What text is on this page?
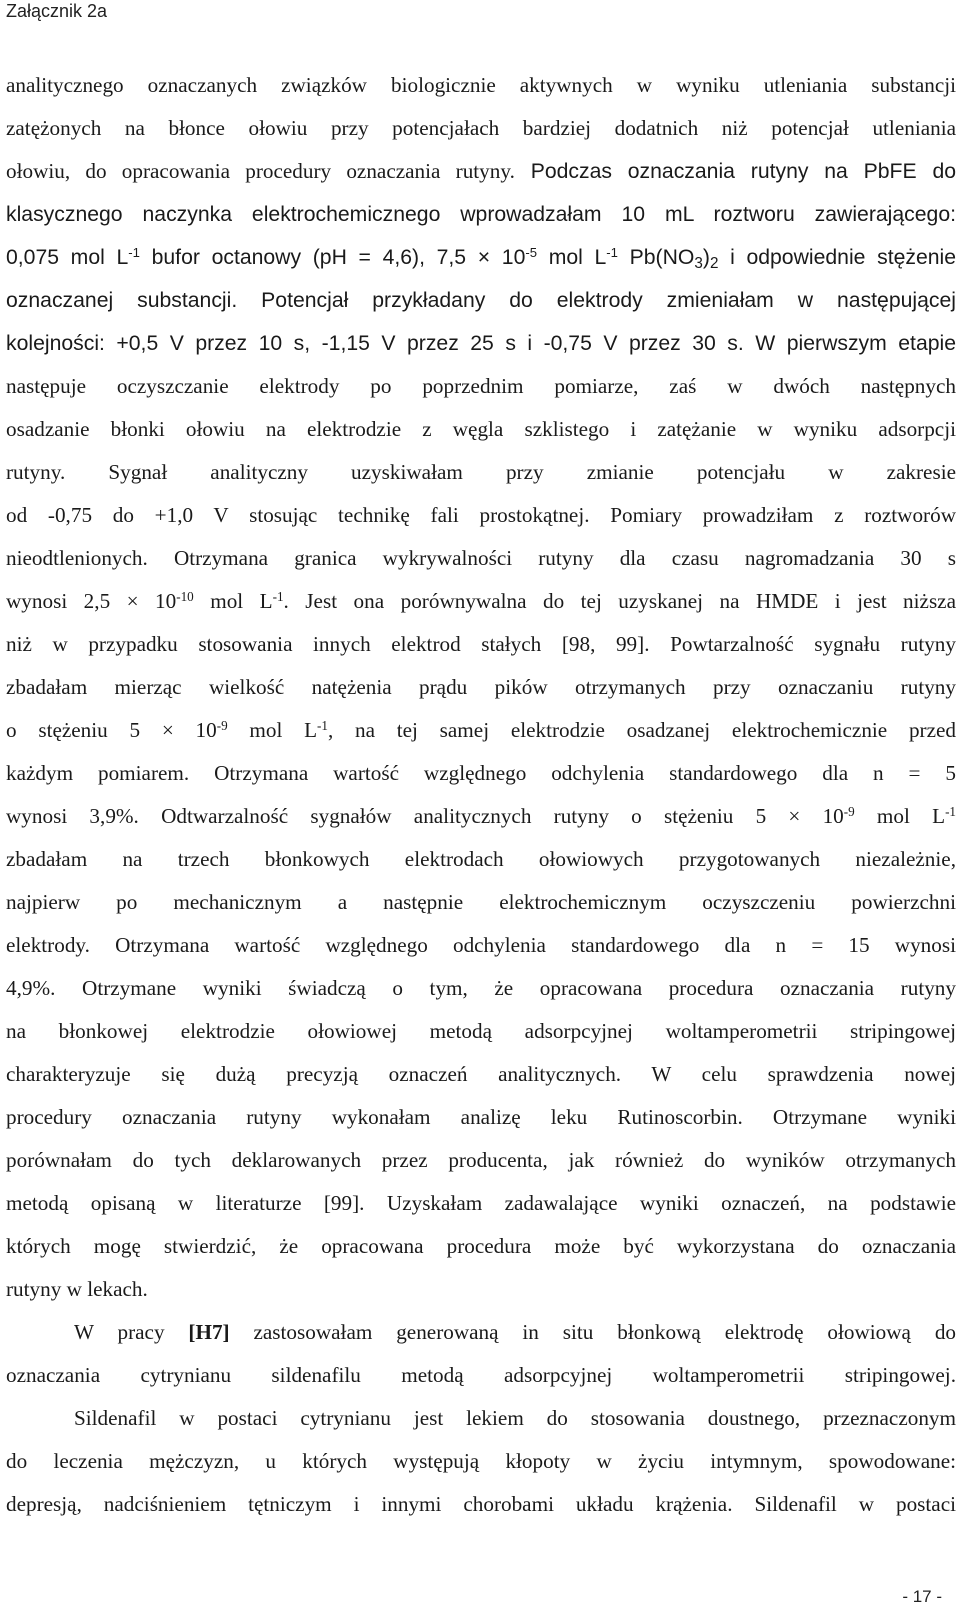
Załącznik 2a
analitycznego oznaczanych związków biologicznie aktywnych w wyniku utleniania substancji
zatężonych na błonce ołowiu przy potencjałach bardziej dodatnich niż potencjał utleniania
ołowiu, do opracowania procedury oznaczania rutyny. Podczas oznaczania rutyny na PbFE do
klasycznego naczynka elektrochemicznego wprowadzałam 10 mL roztworu zawierającego:
0,075 mol $L^{-1}$ bufor octanowy (pH = 4,6), $7,5 \times 10^{-5}$ mol $L^{-1}$ $Pb(NO_3)_2$ i odpowiednie stężenie
oznaczanej substancji. Potencjał przykładany do elektrody zmieniałam w następującej
kolejności: +0,5 V przez 10 s, -1,15 V przez 25 s i -0,75 V przez 30 s. W pierwszym etapie
następuje oczyszczanie elektrody po poprzednim pomiarze, zaś w dwóch następnych
osadzanie błonki ołowiu na elektrodzie z węgla szklistego i zatężanie w wyniku adsorpcji
rutyny. Sygnał analityczny uzyskiwałam przy zmianie potencjału w zakresie
od -0,75 do +1,0 V stosując technikę fali prostokątnej. Pomiary prowadziłam z roztworów
nieodtlenionych. Otrzymana granica wykrywalności rutyny dla czasu nagromadzania 30 s
wynosi $2,5 \times 10^{-10}$ mol $L^{-1}$. Jest ona porównywalna do tej uzyskanej na HMDE i jest niższa
niż w przypadku stosowania innych elektrod stałych [98, 99]. Powtarzalność sygnału rutyny
zbadałam mierząc wielkość natężenia prądu pików otrzymanych przy oznaczaniu rutyny
o stężeniu $5 \times 10^{-9}$ mol $L^{-1}$, na tej samej elektrodzie osadzanej elektrochemicznie przed
każdym pomiarem. Otrzymana wartość względnego odchylenia standardowego dla n = 5
wynosi 3,9%. Odtwarzalność sygnałów analitycznych rutyny o stężeniu $5 \times 10^{-9}$ mol $L^{-1}$
zbadałam na trzech błonkowych elektrodach ołowiowych przygotowanych niezależnie,
najpierw po mechanicznym a następnie elektrochemicznym oczyszczeniu powierzchni
elektrody. Otrzymana wartość względnego odchylenia standardowego dla n = 15 wynosi
4,9%. Otrzymane wyniki świadczą o tym, że opracowana procedura oznaczania rutyny
na błonkowej elektrodzie ołowiowej metodą adsorpcyjnej woltamperometrii stripingowej
charakteryzuje się dużą precyzją oznaczeń analitycznych. W celu sprawdzenia nowej
procedury oznaczania rutyny wykonałam analizę leku Rutinoscorbin. Otrzymane wyniki
porównałam do tych deklarowanych przez producenta, jak również do wyników otrzymanych
metodą opisaną w literaturze [99]. Uzyskałam zadawalające wyniki oznaczeń, na podstawie
których mogę stwierdzić, że opracowana procedura może być wykorzystana do oznaczania
rutyny w lekach.
W pracy [H7] zastosowałam generowaną in situ błonkową elektrodę ołowiową do
oznaczania cytrynianu sildenafilu metodą adsorpcyjnej woltamperometrii stripingowej.
Sildenafil w postaci cytrynianu jest lekiem do stosowania doustnego, przeznaczonym
do leczenia mężczyzn, u których występują kłopoty w życiu intymnym, spowodowane:
depresją, nadciśnieniem tętniczym i innymi chorobami układu krążenia. Sildenafil w postaci
- 17 -
